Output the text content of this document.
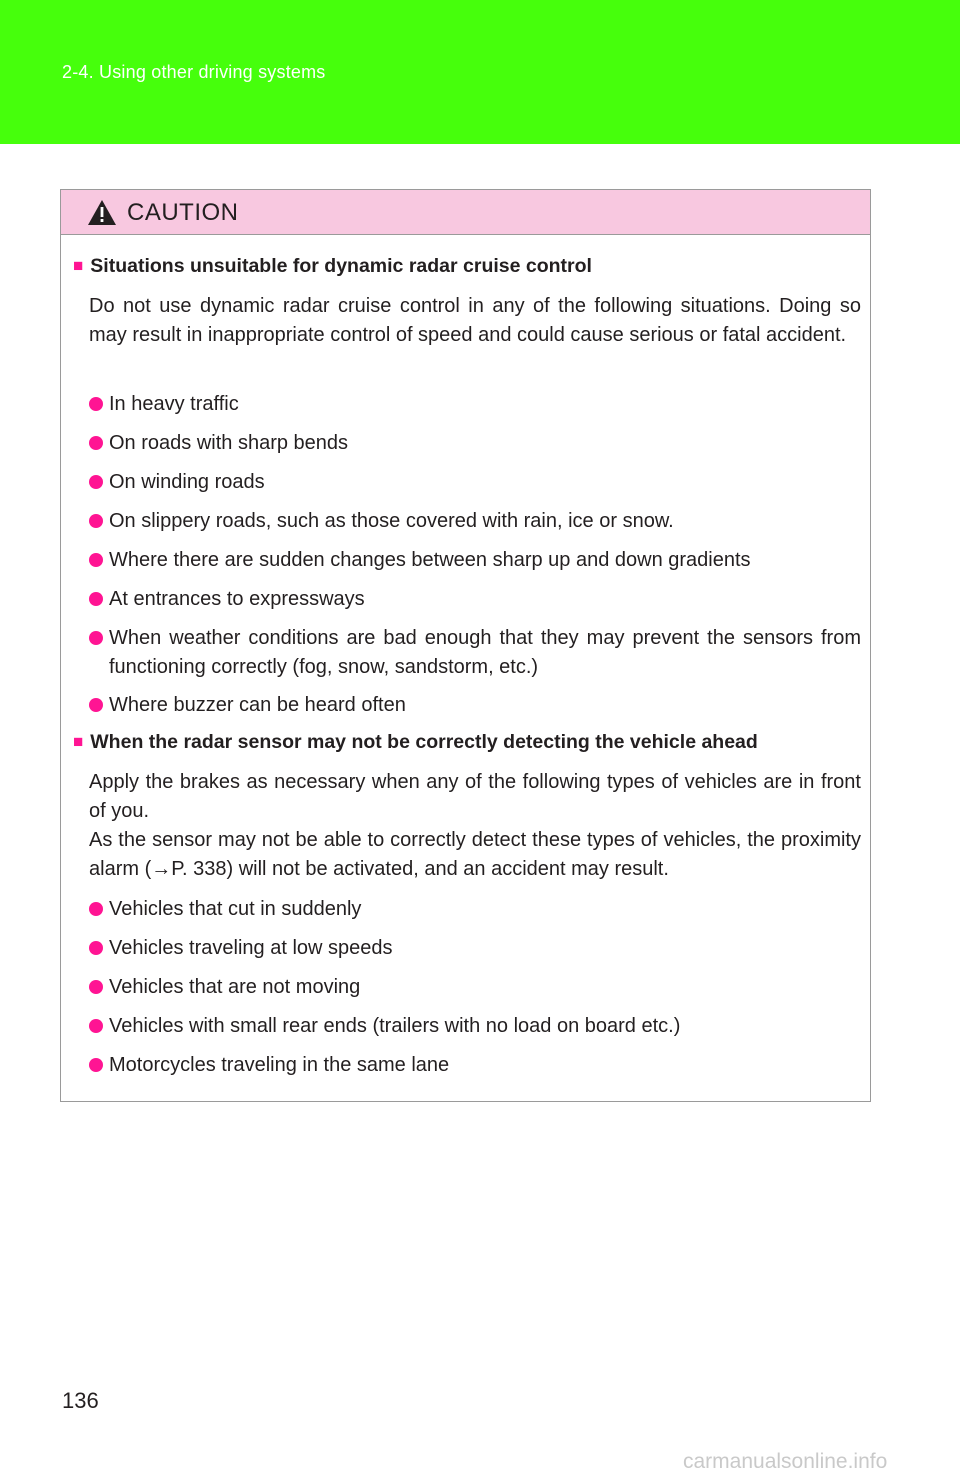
2-4. Using other driving systems
CAUTION
■ Situations unsuitable for dynamic radar cruise control
Do not use dynamic radar cruise control in any of the following situations. Doing so may result in inappropriate control of speed and could cause serious or fatal accident.
In heavy traffic
On roads with sharp bends
On winding roads
On slippery roads, such as those covered with rain, ice or snow.
Where there are sudden changes between sharp up and down gradients
At entrances to expressways
When weather conditions are bad enough that they may prevent the sensors from functioning correctly (fog, snow, sandstorm, etc.)
Where buzzer can be heard often
■ When the radar sensor may not be correctly detecting the vehicle ahead
Apply the brakes as necessary when any of the following types of vehicles are in front of you.
As the sensor may not be able to correctly detect these types of vehicles, the proximity alarm (→P. 338) will not be activated, and an accident may result.
Vehicles that cut in suddenly
Vehicles traveling at low speeds
Vehicles that are not moving
Vehicles with small rear ends (trailers with no load on board etc.)
Motorcycles traveling in the same lane
136
carmanualsonline.info
